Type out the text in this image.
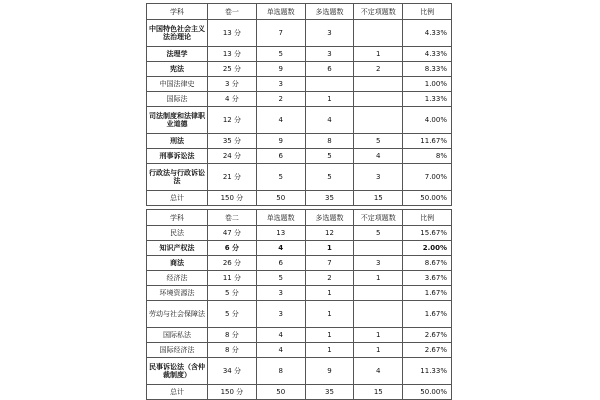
学科	卷一	单选题数	多选题数	不定项题数	比例
中国特色社会主义法治理论	13 分	7	3		4.33%
法理学	13 分	5	3	1	4.33%
宪法	25 分	9	6	2	8.33%
中国法律史	3 分	3			1.00%
国际法	4 分	2	1		1.33%
司法制度和法律职业道德	12 分	4	4		4.00%
刑法	35 分	9	8	5	11.67%
刑事诉讼法	24 分	6	5	4	8%
行政法与行政诉讼法	21 分	5	5	3	7.00%
总计	150 分	50	35	15	50.00%
学科	卷二	单选题数	多选题数	不定项题数	比例
民法	47 分	13	12	5	15.67%
知识产权法	6 分	4	1		2.00%
商法	26 分	6	7	3	8.67%
经济法	11 分	5	2	1	3.67%
环境资源法	5 分	3	1		1.67%
劳动与社会保障法	5 分	3	1		1.67%
国际私法	8 分	4	1	1	2.67%
国际经济法	8 分	4	1	1	2.67%
民事诉讼法（含仲裁制度）	34 分	8	9	4	11.33%
总计	150 分	50	35	15	50.00%
